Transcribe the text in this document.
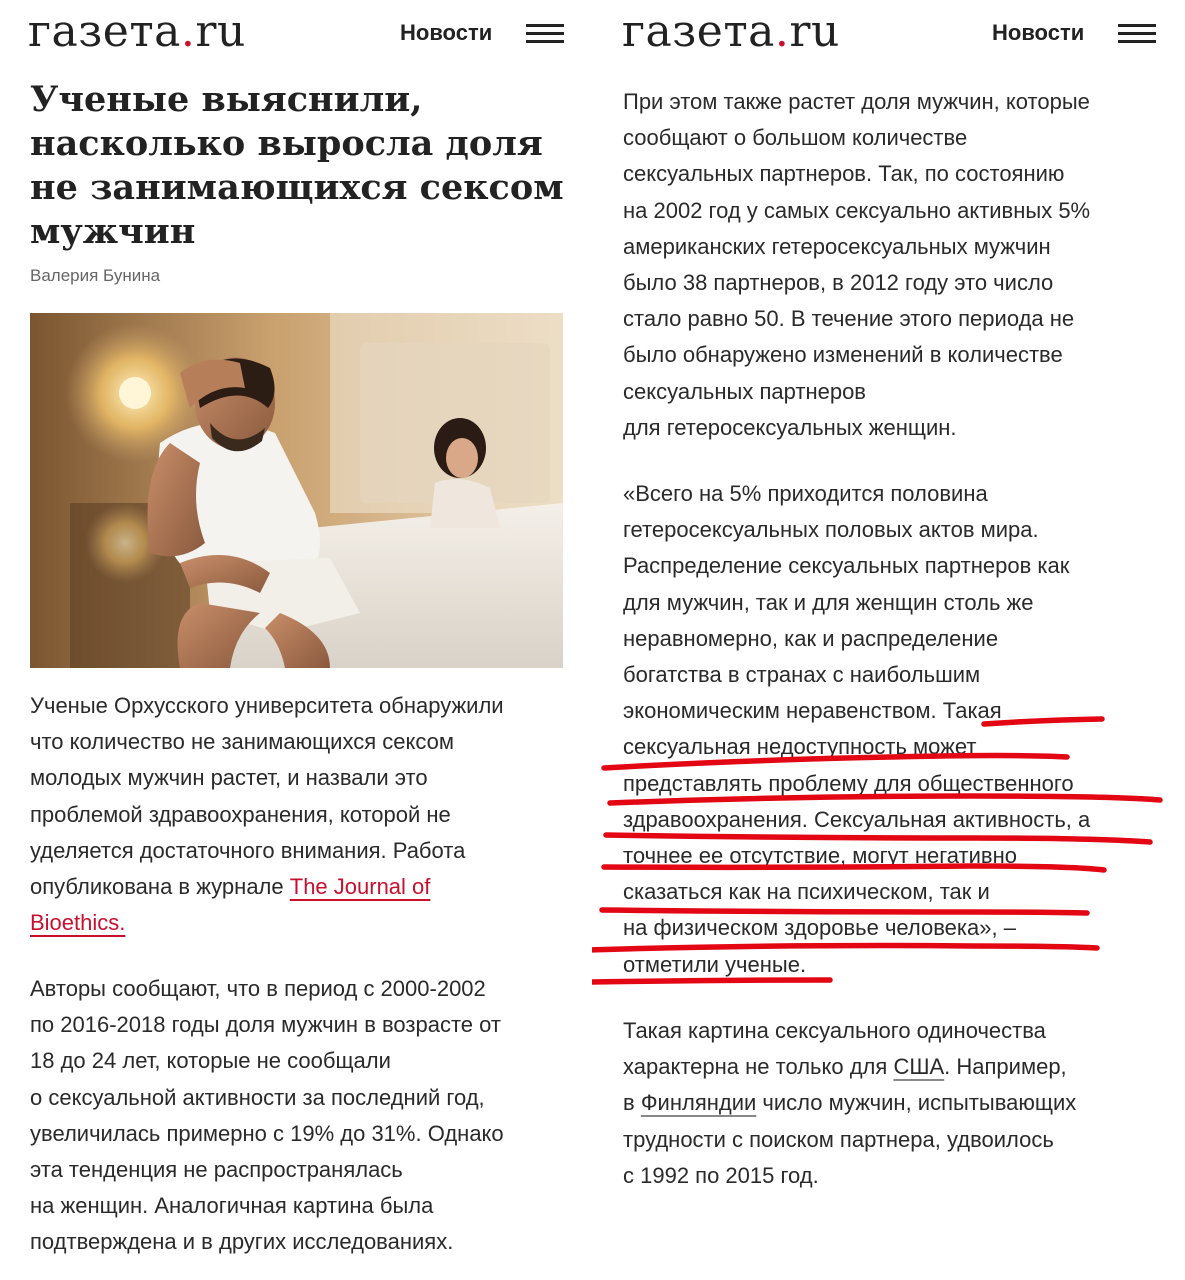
газета.ru	Новости
Ученые выяснили, насколько выросла доля не занимающихся сексом мужчин
Валерия Бунина
Ученые Орхусского университета обнаружили
что количество не занимающихся сексом
молодых мужчин растет, и назвали это
проблемой здравоохранения, которой не
уделяется достаточного внимания. Работа
опубликована в журнале The Journal of
Bioethics.
Авторы сообщают, что в период с 2000-2002
по 2016-2018 годы доля мужчин в возрасте от
18 до 24 лет, которые не сообщали
о сексуальной активности за последний год,
увеличилась примерно с 19% до 31%. Однако
эта тенденция не распространялась
на женщин. Аналогичная картина была
подтверждена и в других исследованиях.
газета.ru	Новости
При этом также растет доля мужчин, которые
сообщают о большом количестве
сексуальных партнеров. Так, по состоянию
на 2002 год у самых сексуально активных 5%
американских гетеросексуальных мужчин
было 38 партнеров, в 2012 году это число
стало равно 50. В течение этого периода не
было обнаружено изменений в количестве
сексуальных партнеров
для гетеросексуальных женщин.
«Всего на 5% приходится половина
гетеросексуальных половых актов мира.
Распределение сексуальных партнеров как
для мужчин, так и для женщин столь же
неравномерно, как и распределение
богатства в странах с наибольшим
экономическим неравенством. Такая
сексуальная недоступность может
представлять проблему для общественного
здравоохранения. Сексуальная активность, а
точнее ее отсутствие, могут негативно
сказаться как на психическом, так и
на физическом здоровье человека», –
отметили ученые.
Такая картина сексуального одиночества
характерна не только для США. Например,
в Финляндии число мужчин, испытывающих
трудности с поиском партнера, удвоилось
с 1992 по 2015 год.
